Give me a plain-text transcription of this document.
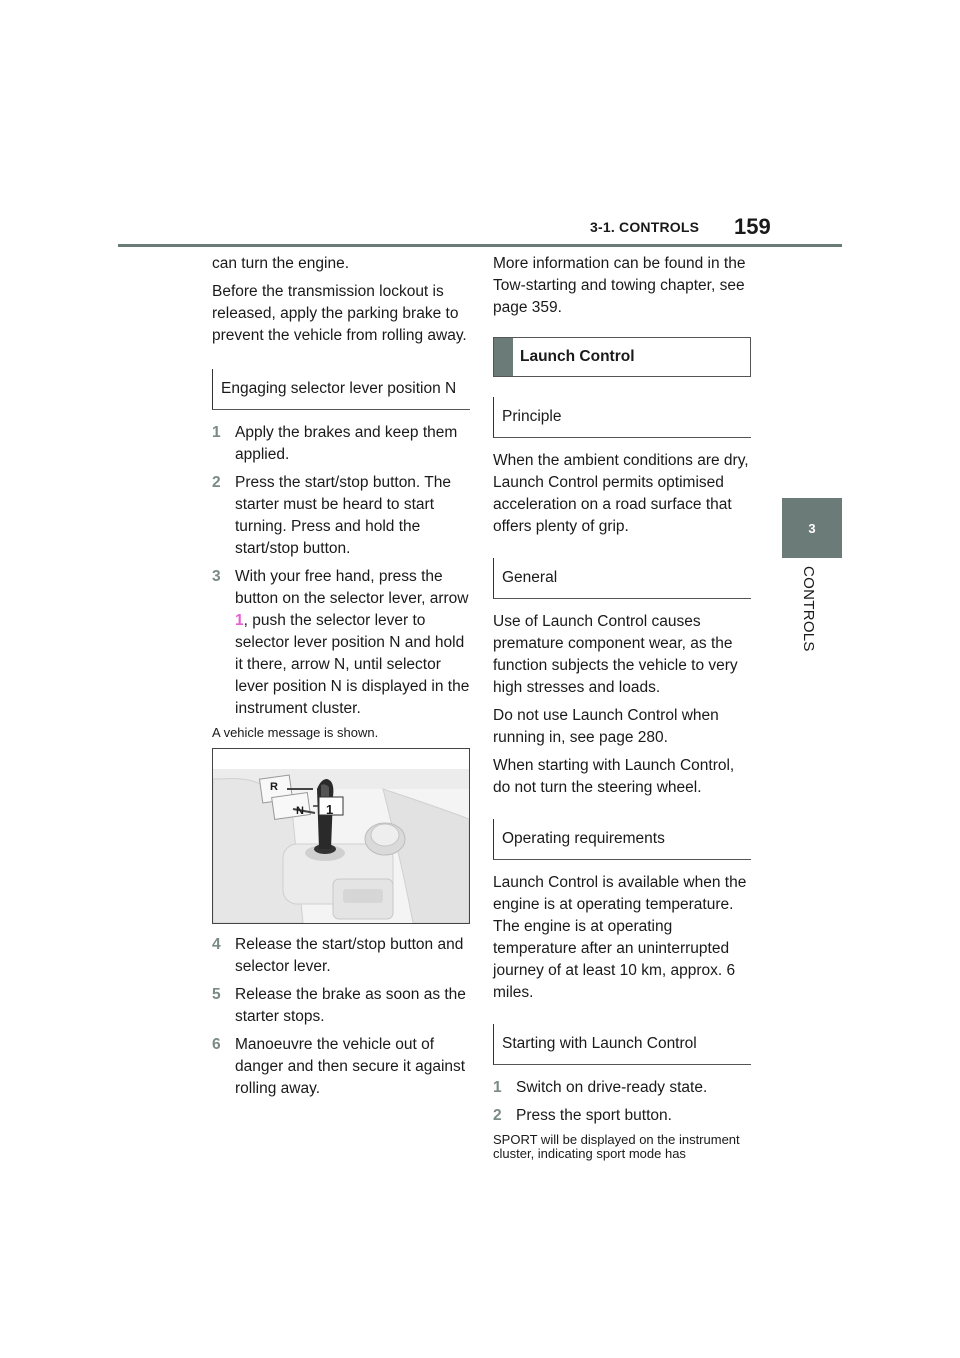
3-1. CONTROLS 159
3
CONTROLS

can turn the engine.

Before the transmission lockout is released, apply the parking brake to prevent the vehicle from rolling away.

Engaging selector lever position N
1 Apply the brakes and keep them applied.
2 Press the start/stop button. The starter must be heard to start turning. Press and hold the start/stop button.
3 With your free hand, press the button on the selector lever, arrow 1, push the selector lever to selector lever position N and hold it there, arrow N, until selector lever position N is displayed in the instrument cluster.

A vehicle message is shown.

R
N 1
4 Release the start/stop button and selector lever.
5 Release the brake as soon as the starter stops.
6 Manoeuvre the vehicle out of danger and then secure it against rolling away.

More information can be found in the Tow-starting and towing chapter, see page 359.

Launch Control
Principle

When the ambient conditions are dry, Launch Control permits optimised acceleration on a road surface that offers plenty of grip.

General

Use of Launch Control causes premature component wear, as the function subjects the vehicle to very high stresses and loads.

Do not use Launch Control when running in, see page 280.

When starting with Launch Control, do not turn the steering wheel.

Operating requirements

Launch Control is available when the engine is at operating temperature. The engine is at operating temperature after an uninterrupted journey of at least 10 km, approx. 6 miles.

Starting with Launch Control
1 Switch on drive-ready state.
2 Press the sport button.

SPORT will be displayed on the instrument cluster, indicating sport mode has
